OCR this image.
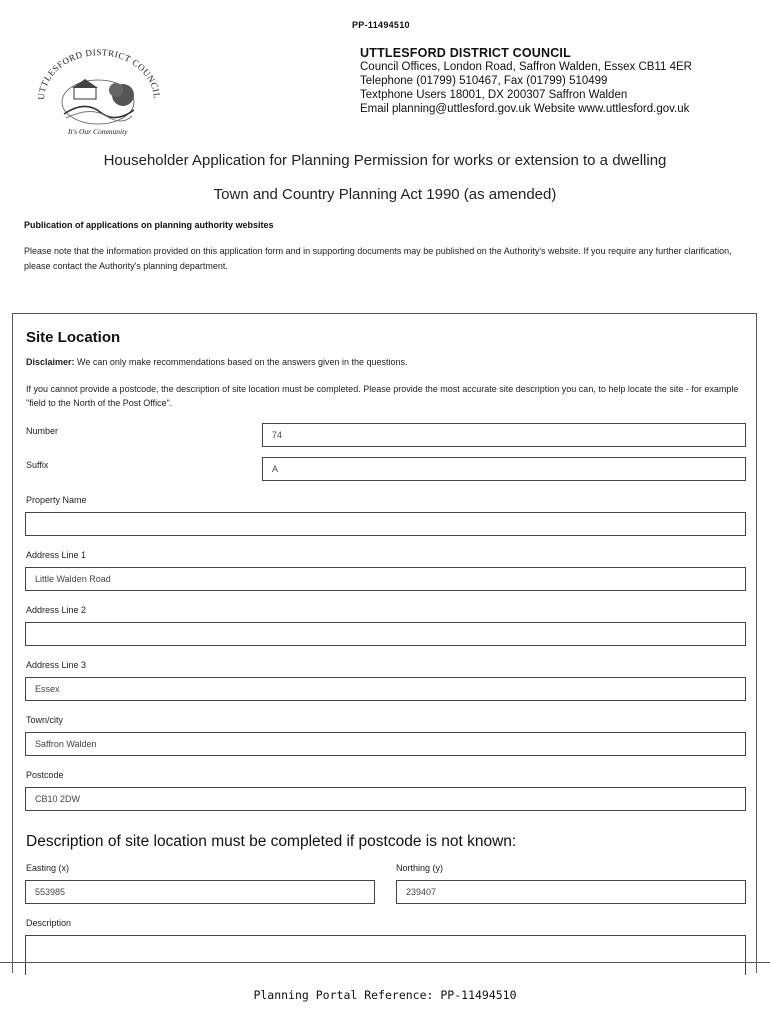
PP-11494510
UTTLESFORD DISTRICT COUNCIL
It's Our Community
UTTLESFORD DISTRICT COUNCIL
Council Offices, London Road, Saffron Walden, Essex CB11 4ER
Telephone (01799) 510467, Fax (01799) 510499
Textphone Users 18001, DX 200307 Saffron Walden
Email planning@uttlesford.gov.uk Website www.uttlesford.gov.uk
Householder Application for Planning Permission for works or extension to a dwelling
Town and Country Planning Act 1990 (as amended)
Publication of applications on planning authority websites
Please note that the information provided on this application form and in supporting documents may be published on the Authority's website. If you require any further clarification, please contact the Authority's planning department.
Site Location
Disclaimer: We can only make recommendations based on the answers given in the questions.
If you cannot provide a postcode, the description of site location must be completed. Please provide the most accurate site description you can, to help locate the site - for example "field to the North of the Post Office".
Number	74
Suffix	A
Property Name
Address Line 1
Little Walden Road
Address Line 2
Address Line 3
Essex
Town/city
Saffron Walden
Postcode
CB10 2DW
Description of site location must be completed if postcode is not known:
Easting (x)
553985
Northing (y)
239407
Description
Planning Portal Reference: PP-11494510
